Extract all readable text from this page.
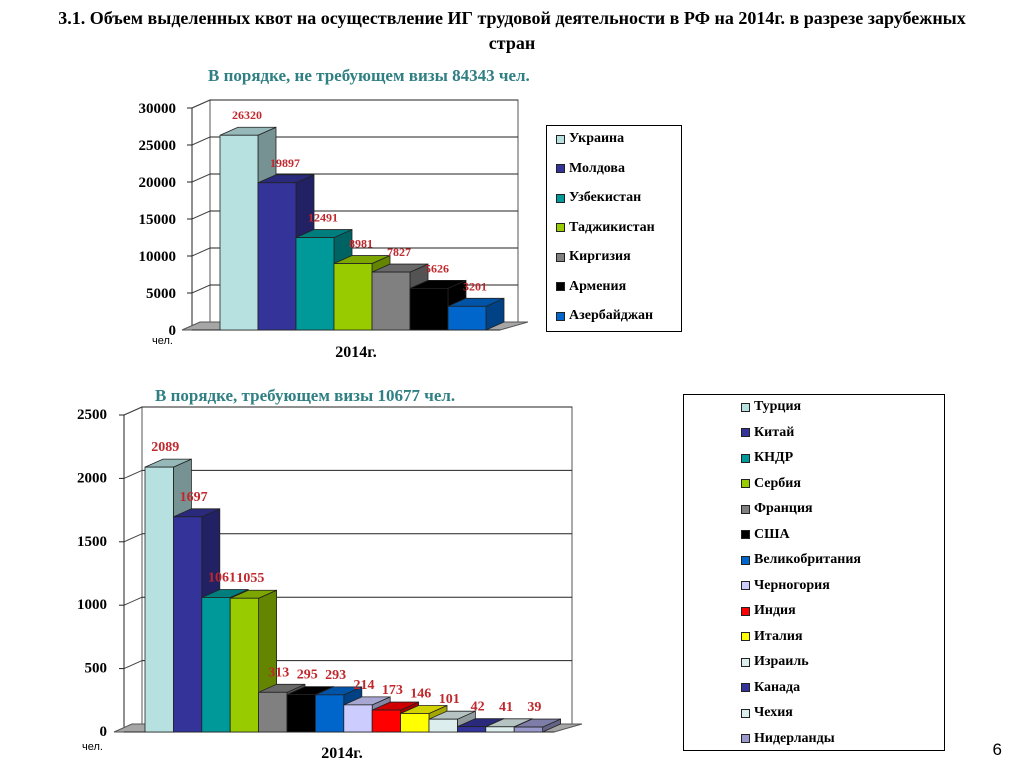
3.1. Объем выделенных квот на осуществление ИГ трудовой деятельности в РФ на 2014г. в разрезе зарубежных стран
В порядке, не требующем визы 84343 чел.
В порядке, требующем визы 10677 чел.
30000
25000
20000
15000
10000
5000
0
26320
19897
12491
8981
7827
5626
3201
чел.
2014г.
2500
2000
1500
1000
500
0
2089
1697
1061 1055
313 295 293
214 173 146 101 42 41 39
чел.	2014г.	6
Украина
Молдова
Узбекистан
Таджикистан
Киргизия
Армения
Азербайджан
Турция
Китай
КНДР
Сербия
Франция
США
Великобритания
Черногория
Индия
Италия
Израиль
Канада
Чехия
Нидерланды
